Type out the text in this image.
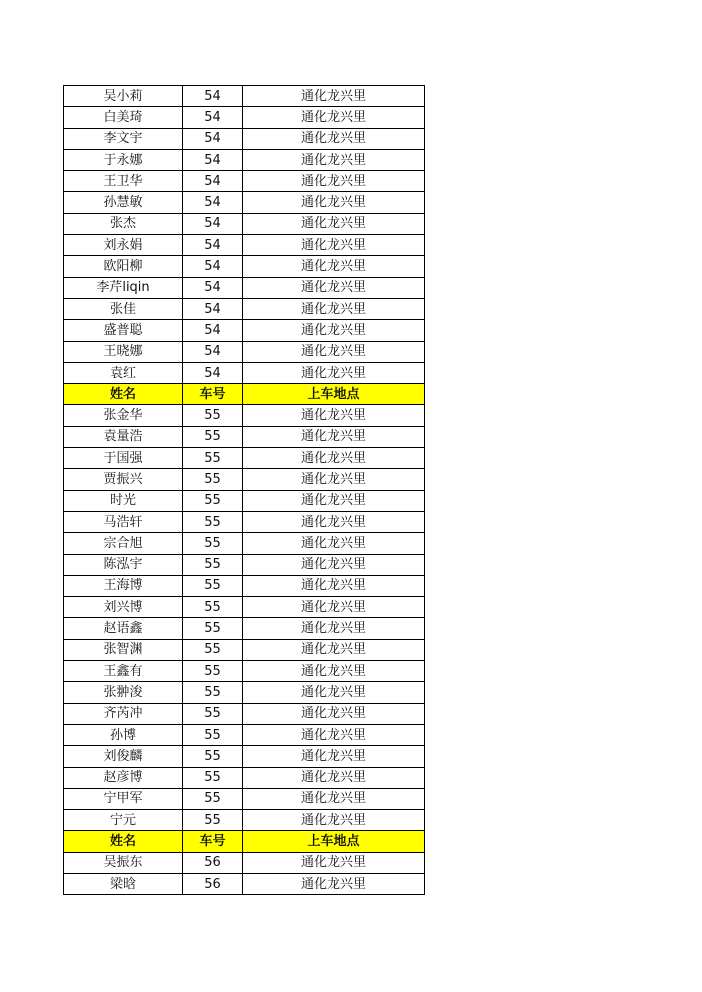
吴小莉	54	通化龙兴里
白美琦	54	通化龙兴里
李文宇	54	通化龙兴里
于永娜	54	通化龙兴里
王卫华	54	通化龙兴里
孙慧敏	54	通化龙兴里
张杰	54	通化龙兴里
刘永娟	54	通化龙兴里
欧阳柳	54	通化龙兴里
李芹liqin	54	通化龙兴里
张佳	54	通化龙兴里
盛普聪	54	通化龙兴里
王晓娜	54	通化龙兴里
袁红	54	通化龙兴里
姓名	车号	上车地点
张金华	55	通化龙兴里
袁量浩	55	通化龙兴里
于国强	55	通化龙兴里
贾振兴	55	通化龙兴里
时光	55	通化龙兴里
马浩轩	55	通化龙兴里
宗合旭	55	通化龙兴里
陈泓宇	55	通化龙兴里
王海博	55	通化龙兴里
刘兴博	55	通化龙兴里
赵语鑫	55	通化龙兴里
张智渊	55	通化龙兴里
王鑫有	55	通化龙兴里
张翀浚	55	通化龙兴里
齐芮冲	55	通化龙兴里
孙博	55	通化龙兴里
刘俊麟	55	通化龙兴里
赵彦博	55	通化龙兴里
宁甲军	55	通化龙兴里
宁元	55	通化龙兴里
姓名	车号	上车地点
吴振东	56	通化龙兴里
梁晗	56	通化龙兴里
